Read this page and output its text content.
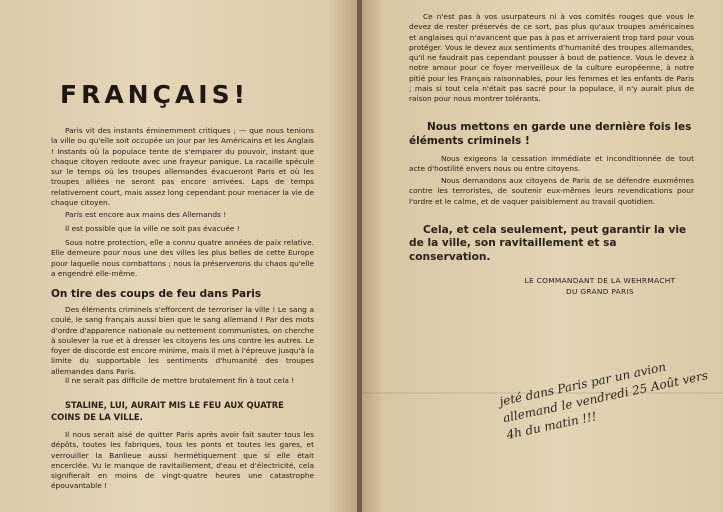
FRANÇAIS!

Paris vit des instants éminemment critiques ; — que nous tenions la ville ou qu'elle soit occupée un jour par les Américains et les Anglais ! Instants où la populace tente de s'emparer du pouvoir, instant que chaque citoyen redoute avec une frayeur panique. La racaille spécule sur le temps où les troupes allemandes évacueront Paris et où les troupes alliées ne seront pas encore arrivées. Laps de temps relativement court, mais assez long cependant pour menacer la vie de chaque citoyen.

Paris est encore aux mains des Allemands !

Il est possible que la ville ne soit pas évacuée !

Sous notre protection, elle a connu quatre années de paix relative. Elle demeure pour nous une des villes les plus belles de cette Europe pour laquelle nous combattons ; nous la préserverons du chaos qu'elle a engendré elle-même.

On tire des coups de feu dans Paris

Des éléments criminels s'efforcent de terroriser la ville ! Le sang a coulé, le sang français aussi bien que le sang allemand ! Par des mots d'ordre d'apparence nationale ou nettement communistes, on cherche à soulever la rue et à dresser les citoyens les uns contre les autres. Le foyer de discorde est encore minime, mais il met à l'épreuve jusqu'à la limite du supportable les sentiments d'humanité des troupes allemandes dans Paris.

Il ne serait pas difficile de mettre brutalement fin à tout cela !

STALINE, LUI, AURAIT MIS LE FEU AUX QUATRE COINS DE LA VILLE.

Il nous serait aisé de quitter Paris après avoir fait sauter tous les dépôts, toutes les fabriques, tous les ponts et toutes les gares, et verrouiller la Banlieue aussi hermétiquement que si elle était encerclée. Vu le manque de ravitaillement, d'eau et d'électricité, cela signifierait en moins de vingt-quatre heures une catastrophe épouvantable !

Ce n'est pas à vos usurpateurs ni à vos comités rouges que vous le devez de rester préservés de ce sort, pas plus qu'aux troupes américaines et anglaises qui n'avancent que pas à pas et arriveraient trop tard pour vous protéger. Vous le devez aux sentiments d'humanité des troupes allemandes, qu'il ne faudrait pas cependant pousser à bout de patience. Vous le devez à notre amour pour ce foyer merveilleux de la culture européenne, à notre pitié pour les Français raisonnables, pour les femmes et les enfants de Paris ; mais si tout cela n'était pas sacré pour la populace, il n'y aurait plus de raison pour nous montrer tolérants.

Nous mettons en garde une dernière fois les éléments criminels !

Nous exigeons la cessation immédiate et inconditionnée de tout acte d'hostilité envers nous ou entre citoyens.

Nous demandons aux citoyens de Paris de se défendre euxmêmes contre les terroristes, de soutenir eux-mêmes leurs revendications pour l'ordre et le calme, et de vaquer paisiblement au travail quotidien.

Cela, et cela seulement, peut garantir la vie de la ville, son ravitaillement et sa conservation.

LE COMMANDANT DE LA WEHRMACHT

DU GRAND PARIS

jeté dans Paris par un avion allemand le vendredi 25 Août vers 4h du matin !!!
